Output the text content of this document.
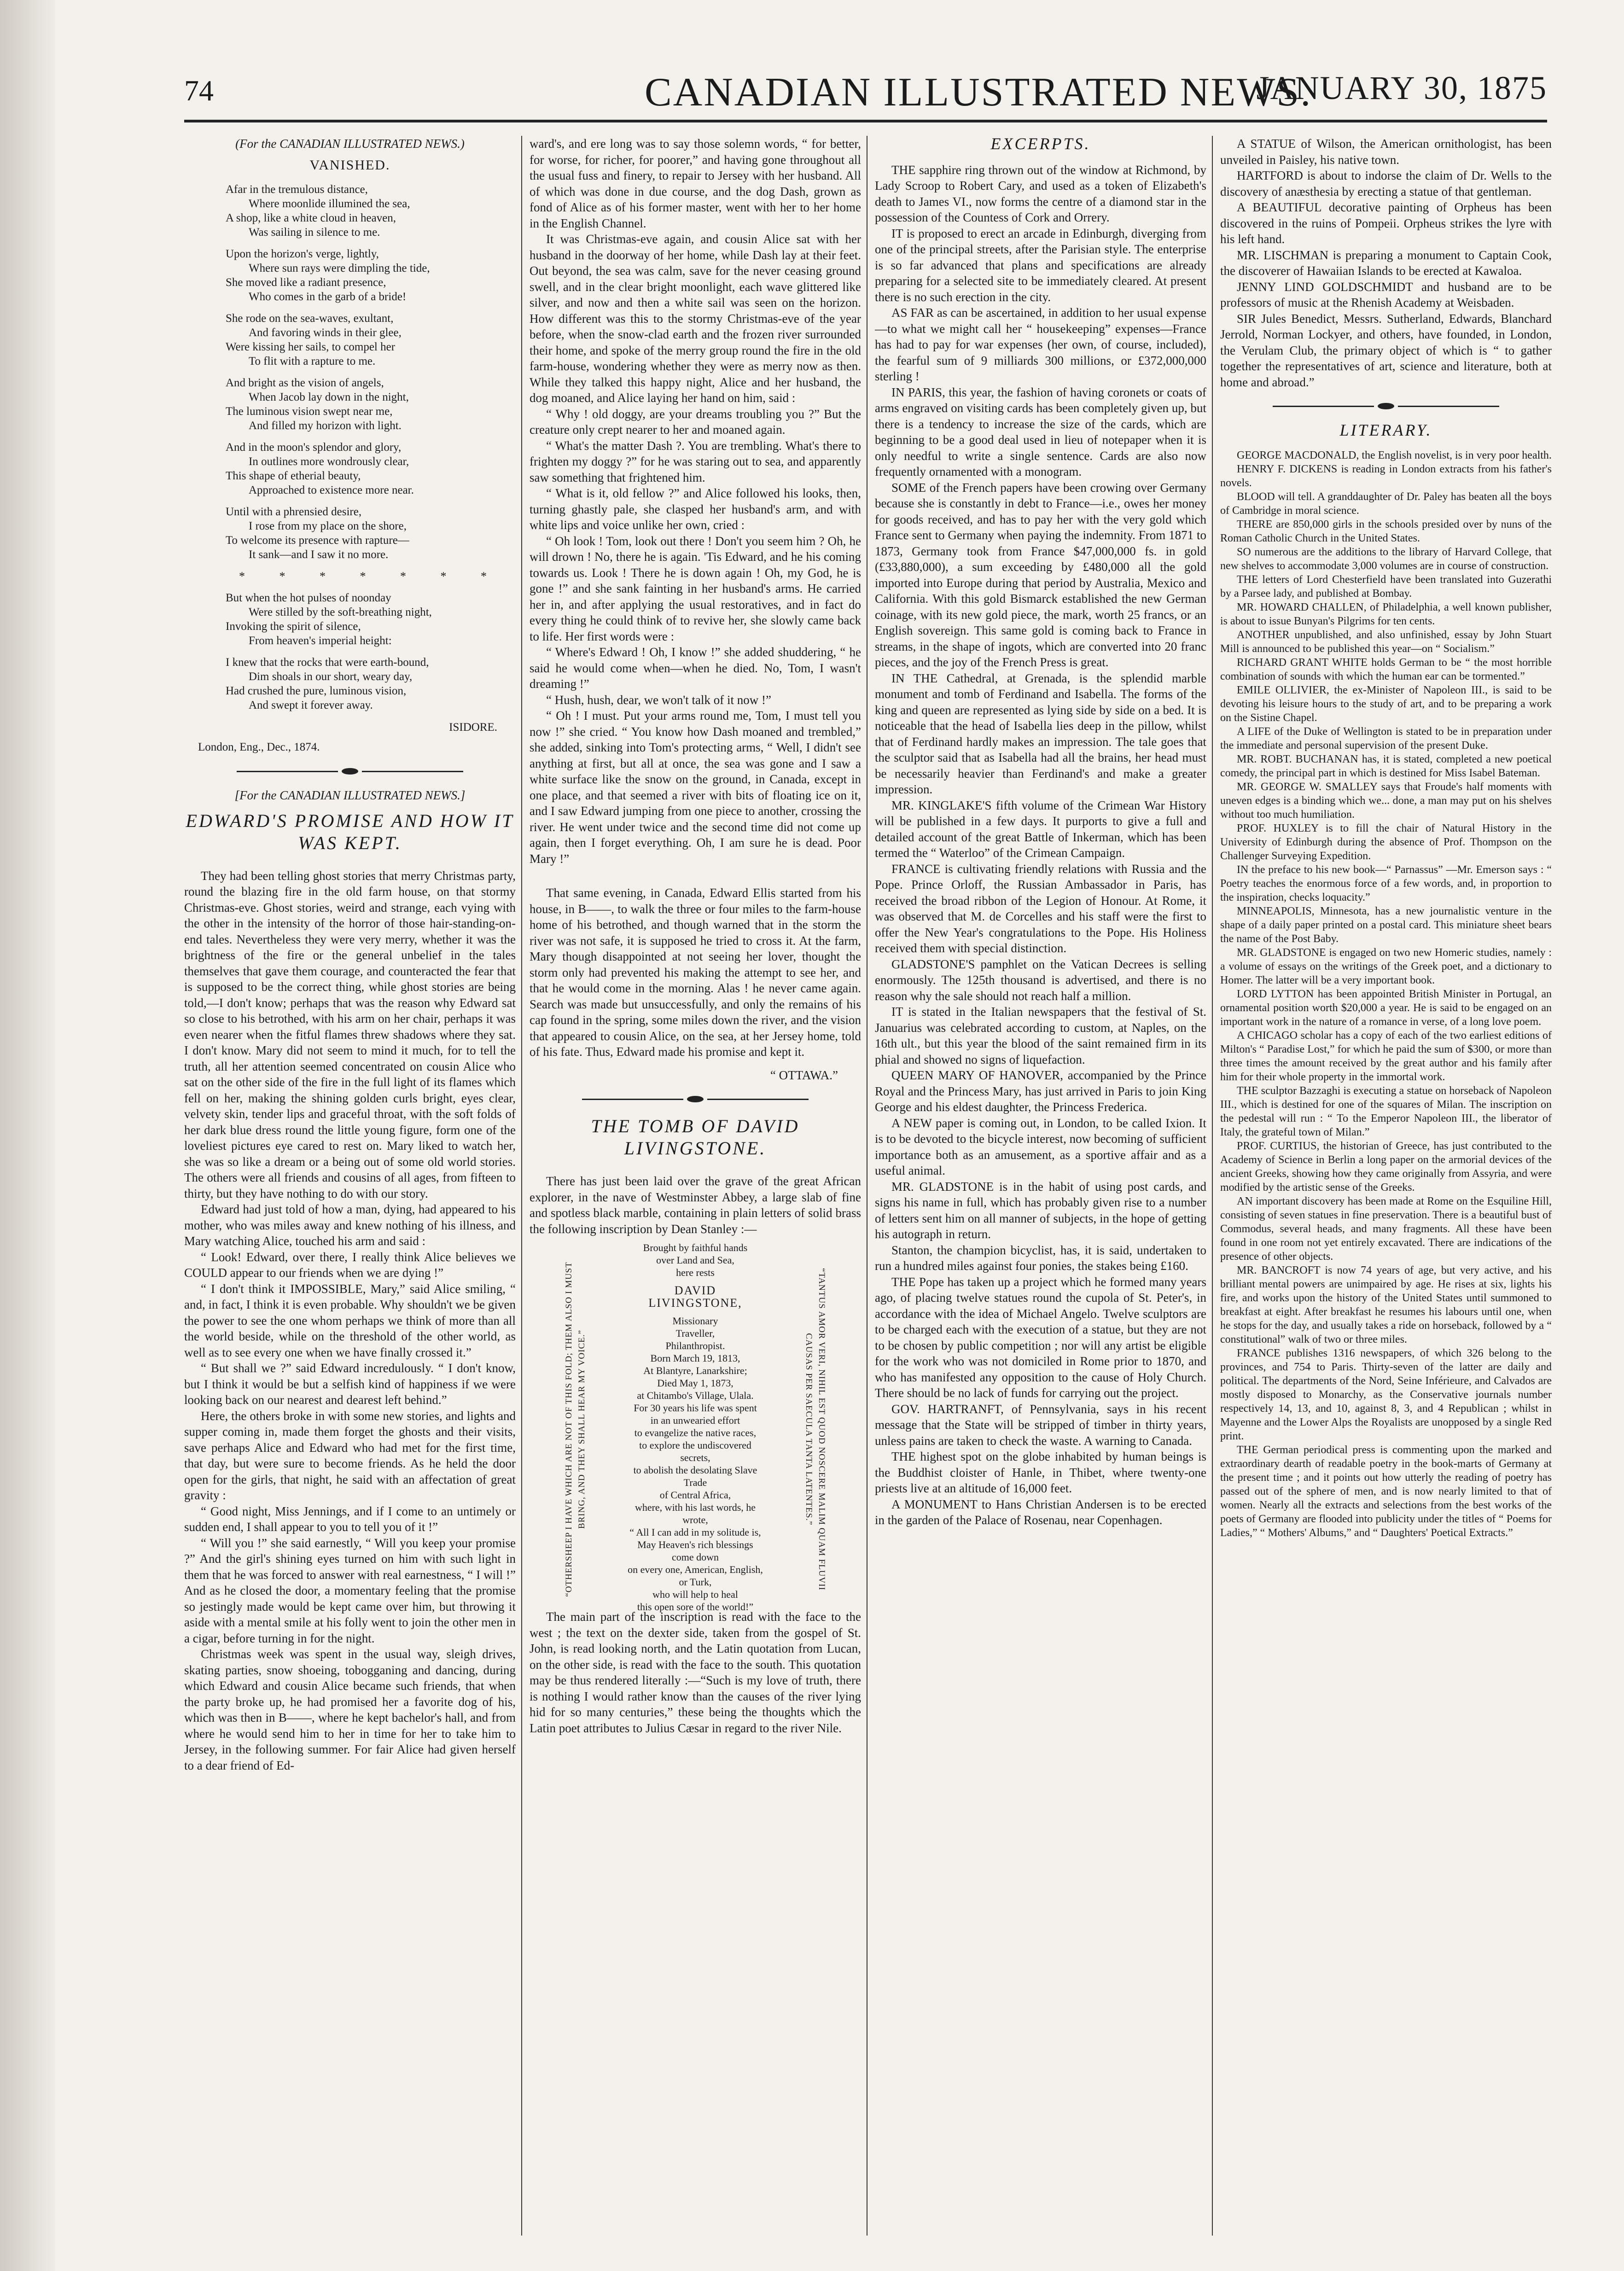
74	CANADIAN ILLUSTRATED NEWS.
JANUARY 30, 1875
(For the CANADIAN ILLUSTRATED NEWS.)
VANISHED.
Afar in the tremulous distance,
Where moonlide illumined the sea,
A shop, like a white cloud in heaven,
Was sailing in silence to me.
Upon the horizon's verge, lightly,
Where sun rays were dimpling the tide,
She moved like a radiant presence,
Who comes in the garb of a bride!
She rode on the sea-waves, exultant,
And favoring winds in their glee,
Were kissing her sails, to compel her
To flit with a rapture to me.
And bright as the vision of angels,
When Jacob lay down in the night,
The luminous vision swept near me,
And filled my horizon with light.
And in the moon's splendor and glory,
In outlines more wondrously clear,
This shape of etherial beauty,
Approached to existence more near.
Until with a phrensied desire,
I rose from my place on the shore,
To welcome its presence with rapture—
It sank—and I saw it no more.
* * * * * * *
But when the hot pulses of noonday
Were stilled by the soft-breathing night,
Invoking the spirit of silence,
From heaven's imperial height:
I knew that the rocks that were earth-bound,
Dim shoals in our short, weary day,
Had crushed the pure, luminous vision,
And swept it forever away.
ISIDORE.
London, Eng., Dec., 1874.
[For the CANADIAN ILLUSTRATED NEWS.]
EDWARD'S PROMISE AND HOW IT WAS KEPT.

They had been telling ghost stories that merry Christmas party, round the blazing fire in the old farm house, on that stormy Christmas-eve. Ghost stories, weird and strange, each vying with the other in the intensity of the horror of those hair-standing-on-end tales. Nevertheless they were very merry, whether it was the brightness of the fire or the general unbelief in the tales themselves that gave them courage, and counteracted the fear that is supposed to be the correct thing, while ghost stories are being told,—I don't know; perhaps that was the reason why Edward sat so close to his betrothed, with his arm on her chair, perhaps it was even nearer when the fitful flames threw shadows where they sat. I don't know. Mary did not seem to mind it much, for to tell the truth, all her attention seemed concentrated on cousin Alice who sat on the other side of the fire in the full light of its flames which fell on her, making the shining golden curls bright, eyes clear, velvety skin, tender lips and graceful throat, with the soft folds of her dark blue dress round the little young figure, form one of the loveliest pictures eye cared to rest on. Mary liked to watch her, she was so like a dream or a being out of some old world stories. The others were all friends and cousins of all ages, from fifteen to thirty, but they have nothing to do with our story.

Edward had just told of how a man, dying, had appeared to his mother, who was miles away and knew nothing of his illness, and Mary watching Alice, touched his arm and said :

“ Look! Edward, over there, I really think Alice believes we COULD appear to our friends when we are dying !”

“ I don't think it IMPOSSIBLE, Mary,” said Alice smiling, “ and, in fact, I think it is even probable. Why shouldn't we be given the power to see the one whom perhaps we think of more than all the world beside, while on the threshold of the other world, as well as to see every one when we have finally crossed it.”

“ But shall we ?” said Edward incredulously. “ I don't know, but I think it would be but a selfish kind of happiness if we were looking back on our nearest and dearest left behind.”

Here, the others broke in with some new stories, and lights and supper coming in, made them forget the ghosts and their visits, save perhaps Alice and Edward who had met for the first time, that day, but were sure to become friends. As he held the door open for the girls, that night, he said with an affectation of great gravity :

“ Good night, Miss Jennings, and if I come to an untimely or sudden end, I shall appear to you to tell you of it !”

“ Will you !” she said earnestly, “ Will you keep your promise ?” And the girl's shining eyes turned on him with such light in them that he was forced to answer with real earnestness, “ I will !” And as he closed the door, a momentary feeling that the promise so jestingly made would be kept came over him, but throwing it aside with a mental smile at his folly went to join the other men in a cigar, before turning in for the night.

Christmas week was spent in the usual way, sleigh drives, skating parties, snow shoeing, tobogganing and dancing, during which Edward and cousin Alice became such friends, that when the party broke up, he had promised her a favorite dog of his, which was then in B——, where he kept bachelor's hall, and from where he would send him to her in time for her to take him to Jersey, in the following summer. For fair Alice had given herself to a dear friend of Ed-

ward's, and ere long was to say those solemn words, “ for better, for worse, for richer, for poorer,” and having gone throughout all the usual fuss and finery, to repair to Jersey with her husband. All of which was done in due course, and the dog Dash, grown as fond of Alice as of his former master, went with her to her home in the English Channel.

It was Christmas-eve again, and cousin Alice sat with her husband in the doorway of her home, while Dash lay at their feet. Out beyond, the sea was calm, save for the never ceasing ground swell, and in the clear bright moonlight, each wave glittered like silver, and now and then a white sail was seen on the horizon. How different was this to the stormy Christmas-eve of the year before, when the snow-clad earth and the frozen river surrounded their home, and spoke of the merry group round the fire in the old farm-house, wondering whether they were as merry now as then. While they talked this happy night, Alice and her husband, the dog moaned, and Alice laying her hand on him, said :

“ Why ! old doggy, are your dreams troubling you ?” But the creature only crept nearer to her and moaned again.

“ What's the matter Dash ?. You are trembling. What's there to frighten my doggy ?” for he was staring out to sea, and apparently saw something that frightened him.

“ What is it, old fellow ?” and Alice followed his looks, then, turning ghastly pale, she clasped her husband's arm, and with white lips and voice unlike her own, cried :

“ Oh look ! Tom, look out there ! Don't you seem him ? Oh, he will drown ! No, there he is again. 'Tis Edward, and he his coming towards us. Look ! There he is down again ! Oh, my God, he is gone !” and she sank fainting in her husband's arms. He carried her in, and after applying the usual restoratives, and in fact do every thing he could think of to revive her, she slowly came back to life. Her first words were :

“ Where's Edward ! Oh, I know !” she added shuddering, “ he said he would come when—when he died. No, Tom, I wasn't dreaming !”

“ Hush, hush, dear, we won't talk of it now !”

“ Oh ! I must. Put your arms round me, Tom, I must tell you now !” she cried. “ You know how Dash moaned and trembled,” she added, sinking into Tom's protecting arms, “ Well, I didn't see anything at first, but all at once, the sea was gone and I saw a white surface like the snow on the ground, in Canada, except in one place, and that seemed a river with bits of floating ice on it, and I saw Edward jumping from one piece to another, crossing the river. He went under twice and the second time did not come up again, then I forget everything. Oh, I am sure he is dead. Poor Mary !”

That same evening, in Canada, Edward Ellis started from his house, in B——, to walk the three or four miles to the farm-house home of his betrothed, and though warned that in the storm the river was not safe, it is supposed he tried to cross it. At the farm, Mary though disappointed at not seeing her lover, thought the storm only had prevented his making the attempt to see her, and that he would come in the morning. Alas ! he never came again. Search was made but unsuccessfully, and only the remains of his cap found in the spring, some miles down the river, and the vision that appeared to cousin Alice, on the sea, at her Jersey home, told of his fate. Thus, Edward made his promise and kept it.

“ OTTAWA.”
THE TOMB OF DAVID LIVINGSTONE.

There has just been laid over the grave of the great African explorer, in the nave of Westminster Abbey, a large slab of fine and spotless black marble, containing in plain letters of solid brass the following inscription by Dean Stanley :—

“OTHERSHEEP I HAVE WHICH ARE NOT OF THIS FOLD; THEM ALSO I MUST BRING, AND THEY SHALL HEAR MY VOICE.”
Brought by faithful hands
over Land and Sea,
here rests
DAVID LIVINGSTONE,
Missionary
Traveller,
Philanthropist.
Born March 19, 1813,
At Blantyre, Lanarkshire;
Died May 1, 1873,
at Chitambo's Village, Ulala.
For 30 years his life was spent
in an unwearied effort
to evangelize the native races,
to explore the undiscovered secrets,
to abolish the desolating Slave Trade
of Central Africa,
where, with his last words, he wrote,
“ All I can add in my solitude is,
May Heaven's rich blessings come down
on every one, American, English, or Turk,
who will help to heal
this open sore of the world!”
“TANTUS AMOR VERI, NIHIL EST QUOD NOSCERE MALIM QUAM FLUVII CAUSAS PER SAECULA TANTA LATENTES.”

The main part of the inscription is read with the face to the west ; the text on the dexter side, taken from the gospel of St. John, is read looking north, and the Latin quotation from Lucan, on the other side, is read with the face to the south. This quotation may be thus rendered literally :—“Such is my love of truth, there is nothing I would rather know than the causes of the river lying hid for so many centuries,” these being the thoughts which the Latin poet attributes to Julius Cæsar in regard to the river Nile.

EXCERPTS.

THE sapphire ring thrown out of the window at Richmond, by Lady Scroop to Robert Cary, and used as a token of Elizabeth's death to James VI., now forms the centre of a diamond star in the possession of the Countess of Cork and Orrery.

IT is proposed to erect an arcade in Edinburgh, diverging from one of the principal streets, after the Parisian style. The enterprise is so far advanced that plans and specifications are already preparing for a selected site to be immediately cleared. At present there is no such erection in the city.

AS FAR as can be ascertained, in addition to her usual expense—to what we might call her “ housekeeping” expenses—France has had to pay for war expenses (her own, of course, included), the fearful sum of 9 milliards 300 millions, or £372,000,000 sterling !

IN PARIS, this year, the fashion of having coronets or coats of arms engraved on visiting cards has been completely given up, but there is a tendency to increase the size of the cards, which are beginning to be a good deal used in lieu of notepaper when it is only needful to write a single sentence. Cards are also now frequently ornamented with a monogram.

SOME of the French papers have been crowing over Germany because she is constantly in debt to France—i.e., owes her money for goods received, and has to pay her with the very gold which France sent to Germany when paying the indemnity. From 1871 to 1873, Germany took from France $47,000,000 fs. in gold (£33,880,000), a sum exceeding by £480,000 all the gold imported into Europe during that period by Australia, Mexico and California. With this gold Bismarck established the new German coinage, with its new gold piece, the mark, worth 25 francs, or an English sovereign. This same gold is coming back to France in streams, in the shape of ingots, which are converted into 20 franc pieces, and the joy of the French Press is great.

IN THE Cathedral, at Grenada, is the splendid marble monument and tomb of Ferdinand and Isabella. The forms of the king and queen are represented as lying side by side on a bed. It is noticeable that the head of Isabella lies deep in the pillow, whilst that of Ferdinand hardly makes an impression. The tale goes that the sculptor said that as Isabella had all the brains, her head must be necessarily heavier than Ferdinand's and make a greater impression.

MR. KINGLAKE'S fifth volume of the Crimean War History will be published in a few days. It purports to give a full and detailed account of the great Battle of Inkerman, which has been termed the “ Waterloo” of the Crimean Campaign.

FRANCE is cultivating friendly relations with Russia and the Pope. Prince Orloff, the Russian Ambassador in Paris, has received the broad ribbon of the Legion of Honour. At Rome, it was observed that M. de Corcelles and his staff were the first to offer the New Year's congratulations to the Pope. His Holiness received them with special distinction.

GLADSTONE'S pamphlet on the Vatican Decrees is selling enormously. The 125th thousand is advertised, and there is no reason why the sale should not reach half a million.

IT is stated in the Italian newspapers that the festival of St. Januarius was celebrated according to custom, at Naples, on the 16th ult., but this year the blood of the saint remained firm in its phial and showed no signs of liquefaction.

QUEEN MARY OF HANOVER, accompanied by the Prince Royal and the Princess Mary, has just arrived in Paris to join King George and his eldest daughter, the Princess Frederica.

A NEW paper is coming out, in London, to be called Ixion. It is to be devoted to the bicycle interest, now becoming of sufficient importance both as an amusement, as a sportive affair and as a useful animal.

MR. GLADSTONE is in the habit of using post cards, and signs his name in full, which has probably given rise to a number of letters sent him on all manner of subjects, in the hope of getting his autograph in return.

Stanton, the champion bicyclist, has, it is said, undertaken to run a hundred miles against four ponies, the stakes being £160.

THE Pope has taken up a project which he formed many years ago, of placing twelve statues round the cupola of St. Peter's, in accordance with the idea of Michael Angelo. Twelve sculptors are to be charged each with the execution of a statue, but they are not to be chosen by public competition ; nor will any artist be eligible for the work who was not domiciled in Rome prior to 1870, and who has manifested any opposition to the cause of Holy Church. There should be no lack of funds for carrying out the project.

GOV. HARTRANFT, of Pennsylvania, says in his recent message that the State will be stripped of timber in thirty years, unless pains are taken to check the waste. A warning to Canada.

THE highest spot on the globe inhabited by human beings is the Buddhist cloister of Hanle, in Thibet, where twenty-one priests live at an altitude of 16,000 feet.

A MONUMENT to Hans Christian Andersen is to be erected in the garden of the Palace of Rosenau, near Copenhagen.

A STATUE of Wilson, the American ornithologist, has been unveiled in Paisley, his native town.

HARTFORD is about to indorse the claim of Dr. Wells to the discovery of anæsthesia by erecting a statue of that gentleman.

A BEAUTIFUL decorative painting of Orpheus has been discovered in the ruins of Pompeii. Orpheus strikes the lyre with his left hand.

MR. LISCHMAN is preparing a monument to Captain Cook, the discoverer of Hawaiian Islands to be erected at Kawaloa.

JENNY LIND GOLDSCHMIDT and husband are to be professors of music at the Rhenish Academy at Weisbaden.

SIR Jules Benedict, Messrs. Sutherland, Edwards, Blanchard Jerrold, Norman Lockyer, and others, have founded, in London, the Verulam Club, the primary object of which is “ to gather together the representatives of art, science and literature, both at home and abroad.”

LITERARY.

GEORGE MACDONALD, the English novelist, is in very poor health.

HENRY F. DICKENS is reading in London extracts from his father's novels.

BLOOD will tell. A granddaughter of Dr. Paley has beaten all the boys of Cambridge in moral science.

THERE are 850,000 girls in the schools presided over by nuns of the Roman Catholic Church in the United States.

SO numerous are the additions to the library of Harvard College, that new shelves to accommodate 3,000 volumes are in course of construction.

THE letters of Lord Chesterfield have been translated into Guzerathi by a Parsee lady, and published at Bombay.

MR. HOWARD CHALLEN, of Philadelphia, a well known publisher, is about to issue Bunyan's Pilgrims for ten cents.

ANOTHER unpublished, and also unfinished, essay by John Stuart Mill is announced to be published this year—on “ Socialism.”

RICHARD GRANT WHITE holds German to be “ the most horrible combination of sounds with which the human ear can be tormented.”

EMILE OLLIVIER, the ex-Minister of Napoleon III., is said to be devoting his leisure hours to the study of art, and to be preparing a work on the Sistine Chapel.

A LIFE of the Duke of Wellington is stated to be in preparation under the immediate and personal supervision of the present Duke.

MR. ROBT. BUCHANAN has, it is stated, completed a new poetical comedy, the principal part in which is destined for Miss Isabel Bateman.

MR. GEORGE W. SMALLEY says that Froude's half moments with uneven edges is a binding which we... done, a man may put on his shelves without too much humiliation.

PROF. HUXLEY is to fill the chair of Natural History in the University of Edinburgh during the absence of Prof. Thompson on the Challenger Surveying Expedition.

IN the preface to his new book—“ Parnassus” —Mr. Emerson says : “ Poetry teaches the enormous force of a few words, and, in proportion to the inspiration, checks loquacity.”

MINNEAPOLIS, Minnesota, has a new journalistic venture in the shape of a daily paper printed on a postal card. This miniature sheet bears the name of the Post Baby.

MR. GLADSTONE is engaged on two new Homeric studies, namely : a volume of essays on the writings of the Greek poet, and a dictionary to Homer. The latter will be a very important book.

LORD LYTTON has been appointed British Minister in Portugal, an ornamental position worth $20,000 a year. He is said to be engaged on an important work in the nature of a romance in verse, of a long love poem.

A CHICAGO scholar has a copy of each of the two earliest editions of Milton's “ Paradise Lost,” for which he paid the sum of $300, or more than three times the amount received by the great author and his family after him for their whole property in the immortal work.

THE sculptor Bazzaghi is executing a statue on horseback of Napoleon III., which is destined for one of the squares of Milan. The inscription on the pedestal will run : “ To the Emperor Napoleon III., the liberator of Italy, the grateful town of Milan.”

PROF. CURTIUS, the historian of Greece, has just contributed to the Academy of Science in Berlin a long paper on the armorial devices of the ancient Greeks, showing how they came originally from Assyria, and were modified by the artistic sense of the Greeks.

AN important discovery has been made at Rome on the Esquiline Hill, consisting of seven statues in fine preservation. There is a beautiful bust of Commodus, several heads, and many fragments. All these have been found in one room not yet entirely excavated. There are indications of the presence of other objects.

MR. BANCROFT is now 74 years of age, but very active, and his brilliant mental powers are unimpaired by age. He rises at six, lights his fire, and works upon the history of the United States until summoned to breakfast at eight. After breakfast he resumes his labours until one, when he stops for the day, and usually takes a ride on horseback, followed by a “ constitutional” walk of two or three miles.

FRANCE publishes 1316 newspapers, of which 326 belong to the provinces, and 754 to Paris. Thirty-seven of the latter are daily and political. The departments of the Nord, Seine Inférieure, and Calvados are mostly disposed to Monarchy, as the Conservative journals number respectively 14, 13, and 10, against 8, 3, and 4 Republican ; whilst in Mayenne and the Lower Alps the Royalists are unopposed by a single Red print.

THE German periodical press is commenting upon the marked and extraordinary dearth of readable poetry in the book-marts of Germany at the present time ; and it points out how utterly the reading of poetry has passed out of the sphere of men, and is now nearly limited to that of women. Nearly all the extracts and selections from the best works of the poets of Germany are flooded into publicity under the titles of “ Poems for Ladies,” “ Mothers' Albums,” and “ Daughters' Poetical Extracts.”
